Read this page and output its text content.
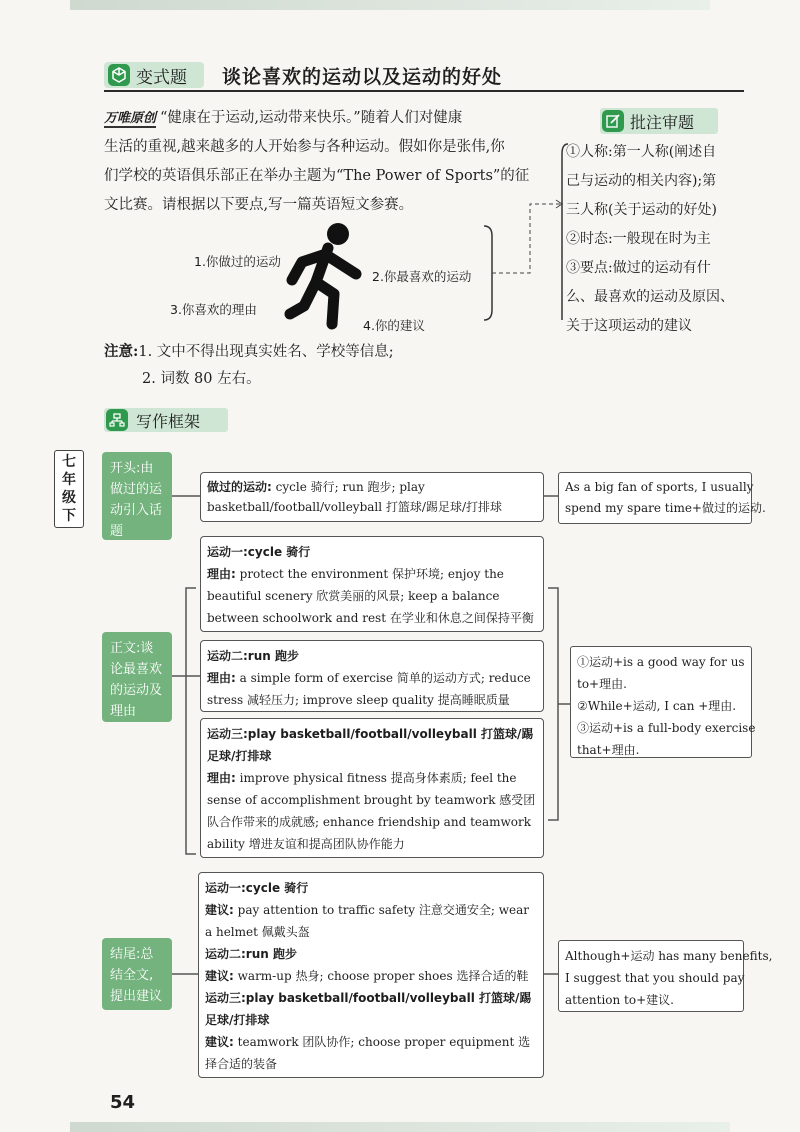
变式题 谈论喜欢的运动以及运动的好处
万唯原创 “健康在于运动,运动带来快乐。”随着人们对健康
生活的重视,越来越多的人开始参与各种运动。假如你是张伟,你
们学校的英语俱乐部正在举办主题为“The Power of Sports”的征
文比赛。请根据以下要点,写一篇英语短文参赛。
批注审题
①人称:第一人称(阐述自
己与运动的相关内容);第
三人称(关于运动的好处)
②时态:一般现在时为主
③要点:做过的运动有什
么、最喜欢的运动及原因、
关于这项运动的建议
1.你做过的运动
2.你最喜欢的运动
3.你喜欢的理由
4.你的建议
注意:1. 文中不得出现真实姓名、学校等信息;
2. 词数 80 左右。
写作框架
七
年
级
下
开头:由做过的运动引入话题
做过的运动: cycle 骑行; run 跑步; play basketball/football/volleyball 打篮球/踢足球/打排球
As a big fan of sports, I usually
spend my spare time+做过的运动.
正文:谈论最喜欢的运动及理由
运动一:cycle 骑行
理由: protect the environment 保护环境; enjoy the beautiful scenery 欣赏美丽的风景; keep a balance between schoolwork and rest 在学业和休息之间保持平衡
运动二:run 跑步
理由: a simple form of exercise 简单的运动方式; reduce stress 减轻压力; improve sleep quality 提高睡眠质量
运动三:play basketball/football/volleyball 打篮球/踢足球/打排球
理由: improve physical fitness 提高身体素质; feel the sense of accomplishment brought by teamwork 感受团队合作带来的成就感; enhance friendship and teamwork ability 增进友谊和提高团队协作能力
①运动+is a good way for us
to+理由.
②While+运动, I can +理由.
③运动+is a full-body exercise
that+理由.
结尾:总结全文,提出建议
运动一:cycle 骑行
建议: pay attention to traffic safety 注意交通安全; wear a helmet 佩戴头盔
运动二:run 跑步
建议: warm-up 热身; choose proper shoes 选择合适的鞋
运动三:play basketball/football/volleyball 打篮球/踢足球/打排球
建议: teamwork 团队协作; choose proper equipment 选择合适的装备
Although+运动 has many benefits,
I suggest that you should pay
attention to+建议.
54
